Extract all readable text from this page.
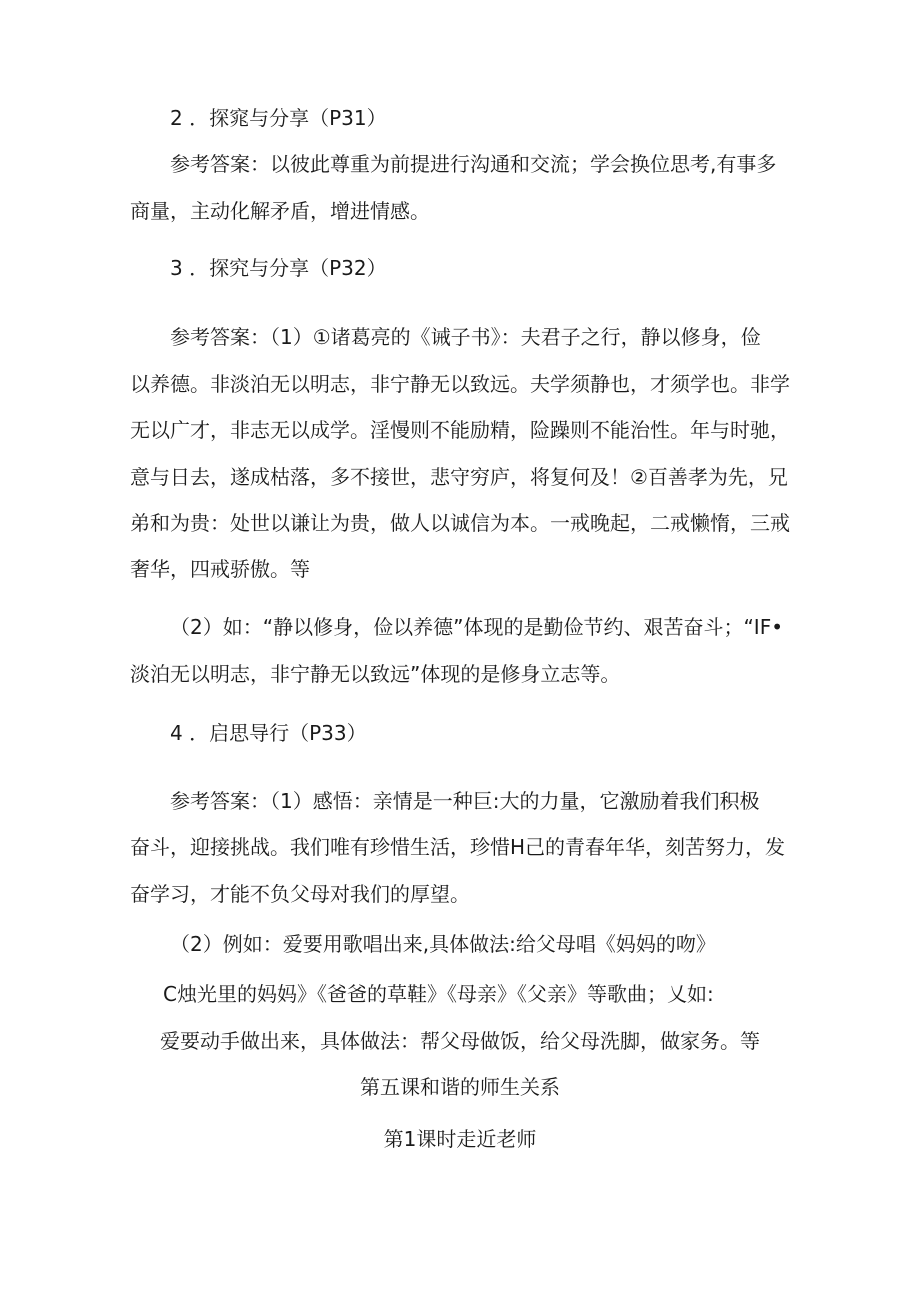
2 ．探窕与分享（P31）
参考答案：以彼此尊重为前提进行沟通和交流；学会换位思考,有事多
商量，主动化解矛盾，增进情感。
3 ．探究与分享（P32）
参考答案：（1）①诸葛亮的《诫子书》：夫君子之行，静以修身，俭
以养德。非淡泊无以明志，非宁静无以致远。夫学须静也，才须学也。非学
无以广才，非志无以成学。淫慢则不能励精，险躁则不能治性。年与时驰，
意与日去，遂成枯落，多不接世，悲守穷庐，将复何及！②百善孝为先，兄
弟和为贵：处世以谦让为贵，做人以诚信为本。一戒晚起，二戒懒惰，三戒
奢华，四戒骄傲。等
（2）如：“静以修身，俭以养德”体现的是勤俭节约、艰苦奋斗；“IF•
淡泊无以明志，非宁静无以致远”体现的是修身立志等。
4 ．启思导行（P33）
参考答案：（1）感悟：亲情是一种巨:大的力量，它激励着我们积极
奋斗，迎接挑战。我们唯有珍惜生活，珍惜H己的青春年华，刻苦努力，发
奋学习，才能不负父母对我们的厚望。
（2）例如：爱要用歌唱出来,具体做法:给父母唱《妈妈的吻》
C烛光里的妈妈》《爸爸的草鞋》《母亲》《父亲》等歌曲；乂如:
爱要动手做出来，具体做法：帮父母做饭，给父母洗脚，做家务。等
第五课和谐的师生关系
第1课时走近老师
